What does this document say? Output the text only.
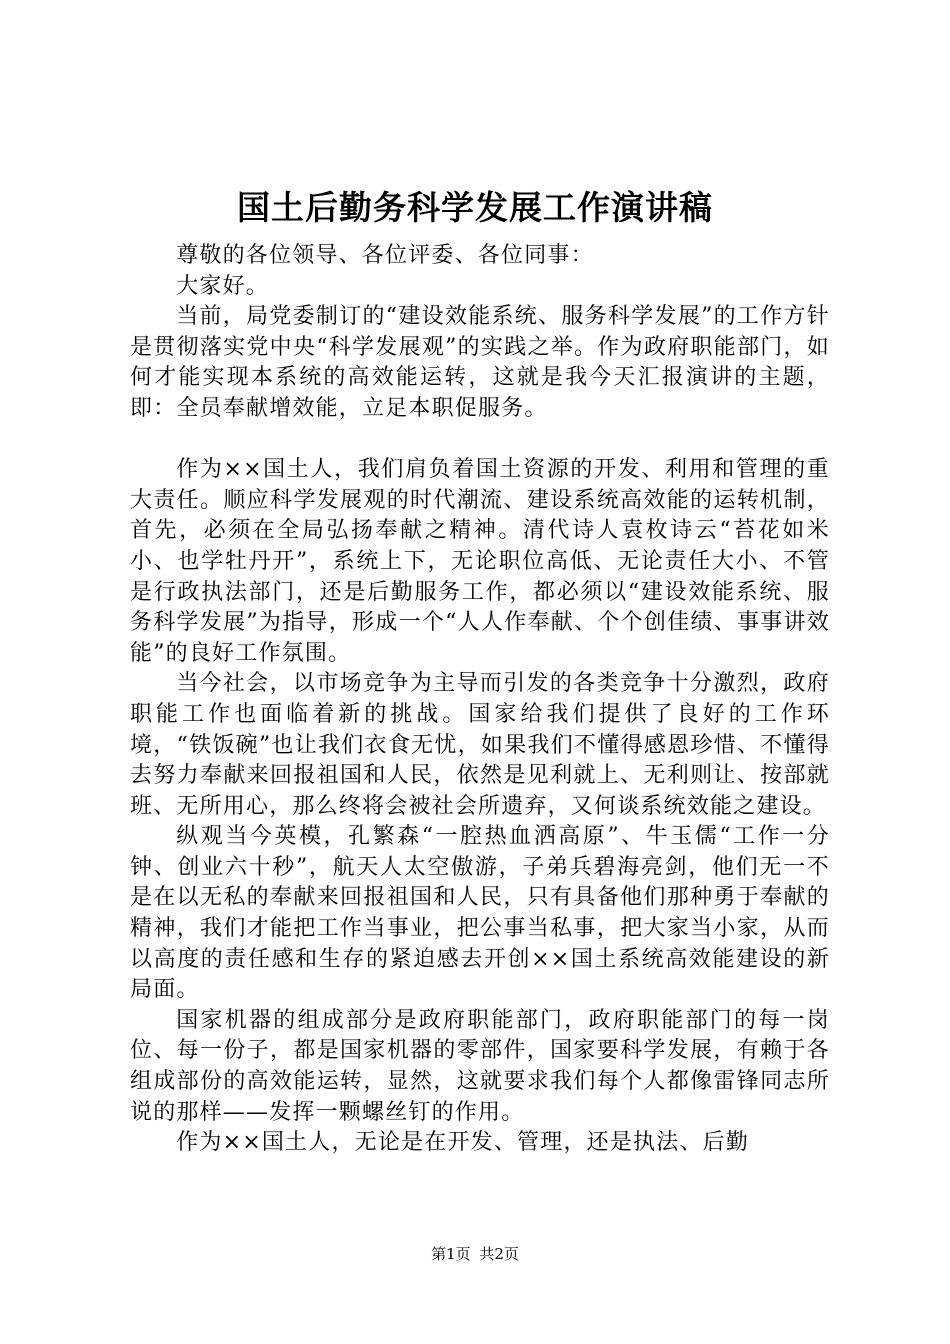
国土后勤务科学发展工作演讲稿

尊敬的各位领导、各位评委、各位同事：

大家好。

当前，局党委制订的“建设效能系统、服务科学发展”的工作方针是贯彻落实党中央“科学发展观”的实践之举。作为政府职能部门，如何才能实现本系统的高效能运转，这就是我今天汇报演讲的主题，即：全员奉献增效能，立足本职促服务。

作为××国土人，我们肩负着国土资源的开发、利用和管理的重大责任。顺应科学发展观的时代潮流、建设系统高效能的运转机制，首先，必须在全局弘扬奉献之精神。清代诗人袁枚诗云“苔花如米小、也学牡丹开”，系统上下，无论职位高低、无论责任大小、不管是行政执法部门，还是后勤服务工作，都必须以“建设效能系统、服务科学发展”为指导，形成一个“人人作奉献、个个创佳绩、事事讲效能”的良好工作氛围。

当今社会，以市场竞争为主导而引发的各类竞争十分激烈，政府职能工作也面临着新的挑战。国家给我们提供了良好的工作环境，“铁饭碗”也让我们衣食无忧，如果我们不懂得感恩珍惜、不懂得去努力奉献来回报祖国和人民，依然是见利就上、无利则让、按部就班、无所用心，那么终将会被社会所遗弃，又何谈系统效能之建设。

纵观当今英模，孔繁森“一腔热血洒高原”、牛玉儒“工作一分钟、创业六十秒”，航天人太空傲游，子弟兵碧海亮剑，他们无一不是在以无私的奉献来回报祖国和人民，只有具备他们那种勇于奉献的精神，我们才能把工作当事业，把公事当私事，把大家当小家，从而以高度的责任感和生存的紧迫感去开创××国土系统高效能建设的新局面。

国家机器的组成部分是政府职能部门，政府职能部门的每一岗位、每一份子，都是国家机器的零部件，国家要科学发展，有赖于各组成部份的高效能运转，显然，这就要求我们每个人都像雷锋同志所说的那样——发挥一颗螺丝钉的作用。

作为××国土人，无论是在开发、管理，还是执法、后勤

第1页 共2页
